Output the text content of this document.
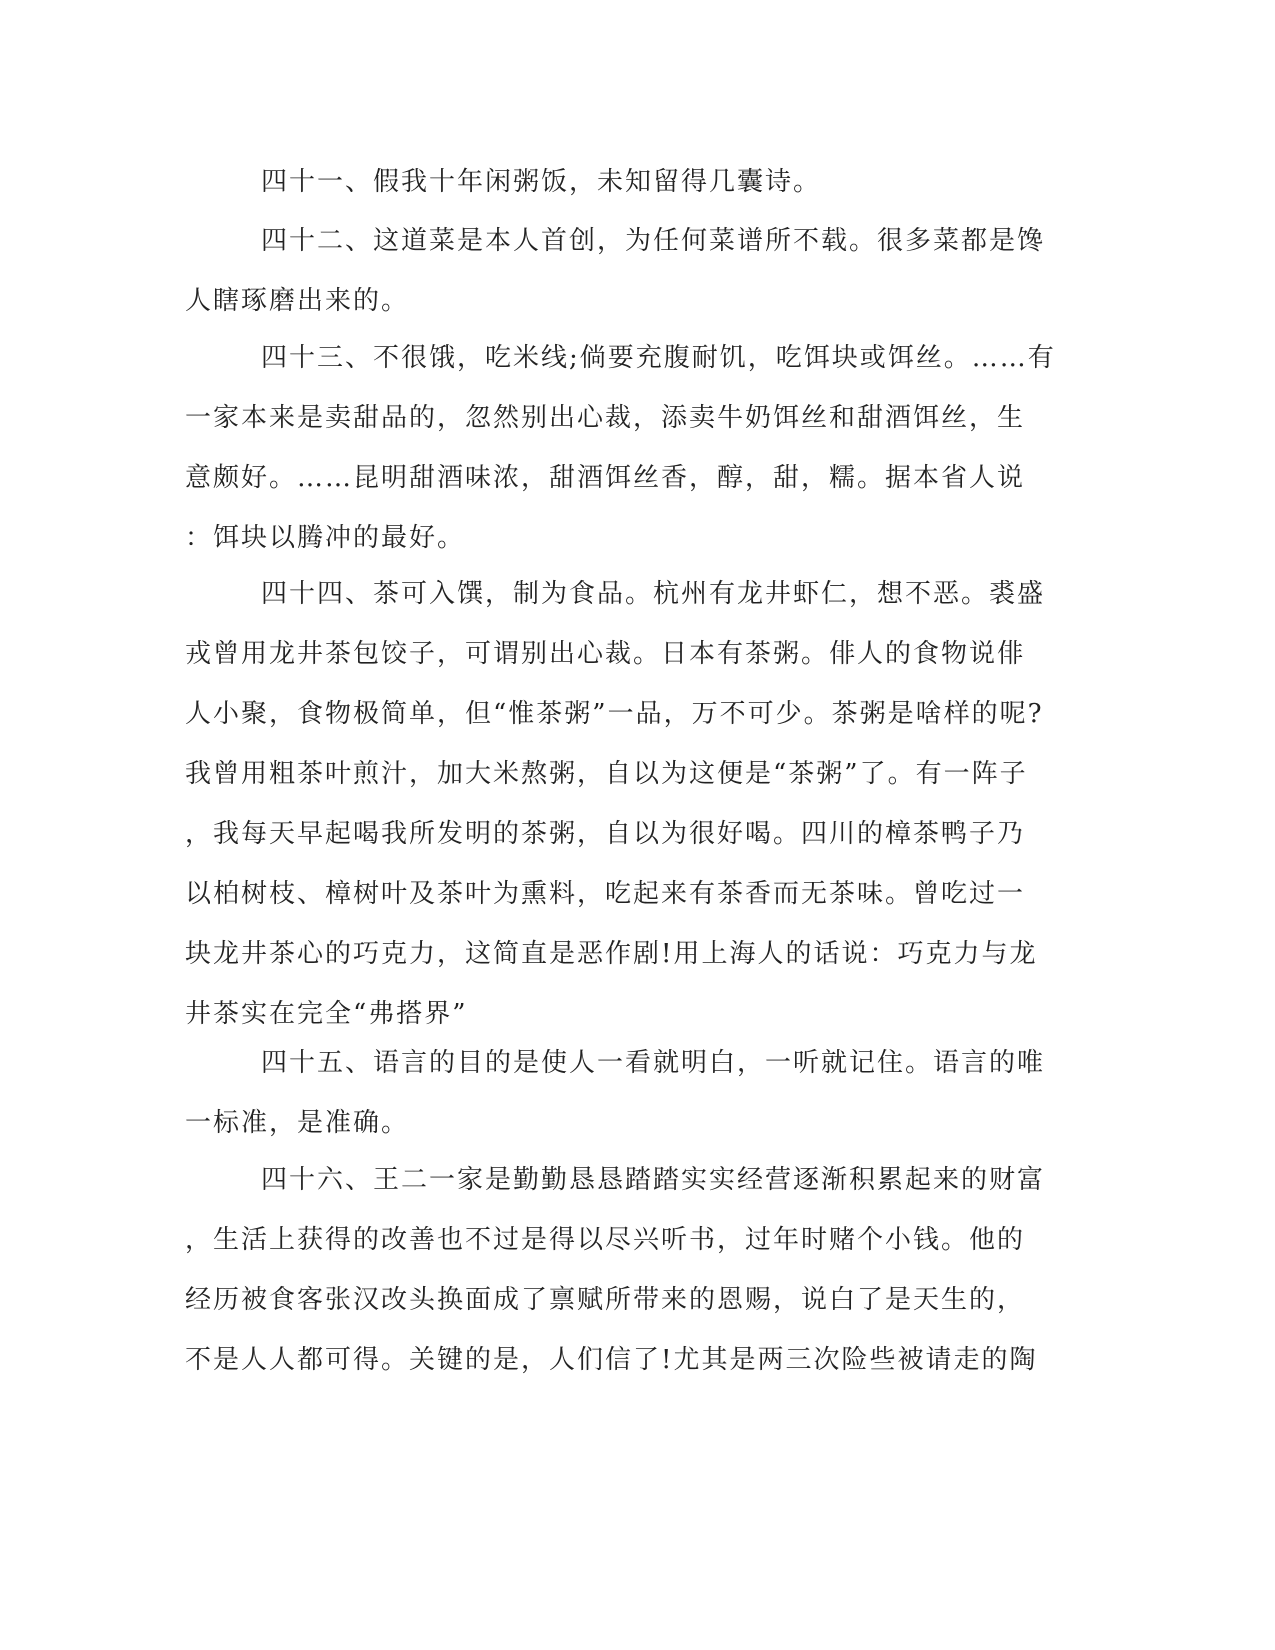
四十一、假我十年闲粥饭，未知留得几囊诗。

四十二、这道菜是本人首创，为任何菜谱所不载。很多菜都是馋
人瞎琢磨出来的。

四十三、不很饿，吃米线;倘要充腹耐饥，吃饵块或饵丝。……有
一家本来是卖甜品的，忽然别出心裁，添卖牛奶饵丝和甜酒饵丝，生
意颇好。……昆明甜酒味浓，甜酒饵丝香，醇，甜，糯。据本省人说
：饵块以腾冲的最好。

四十四、茶可入馔，制为食品。杭州有龙井虾仁，想不恶。裘盛
戎曾用龙井茶包饺子，可谓别出心裁。日本有茶粥。俳人的食物说俳
人小聚，食物极简单，但“惟茶粥”一品，万不可少。茶粥是啥样的呢?
我曾用粗茶叶煎汁，加大米熬粥，自以为这便是“茶粥”了。有一阵子
，我每天早起喝我所发明的茶粥，自以为很好喝。四川的樟茶鸭子乃
以柏树枝、樟树叶及茶叶为熏料，吃起来有茶香而无茶味。曾吃过一
块龙井茶心的巧克力，这简直是恶作剧!用上海人的话说：巧克力与龙
井茶实在完全“弗搭界”

四十五、语言的目的是使人一看就明白，一听就记住。语言的唯
一标准，是准确。

四十六、王二一家是勤勤恳恳踏踏实实经营逐渐积累起来的财富
，生活上获得的改善也不过是得以尽兴听书，过年时赌个小钱。他的
经历被食客张汉改头换面成了禀赋所带来的恩赐，说白了是天生的，
不是人人都可得。关键的是，人们信了!尤其是两三次险些被请走的陶
